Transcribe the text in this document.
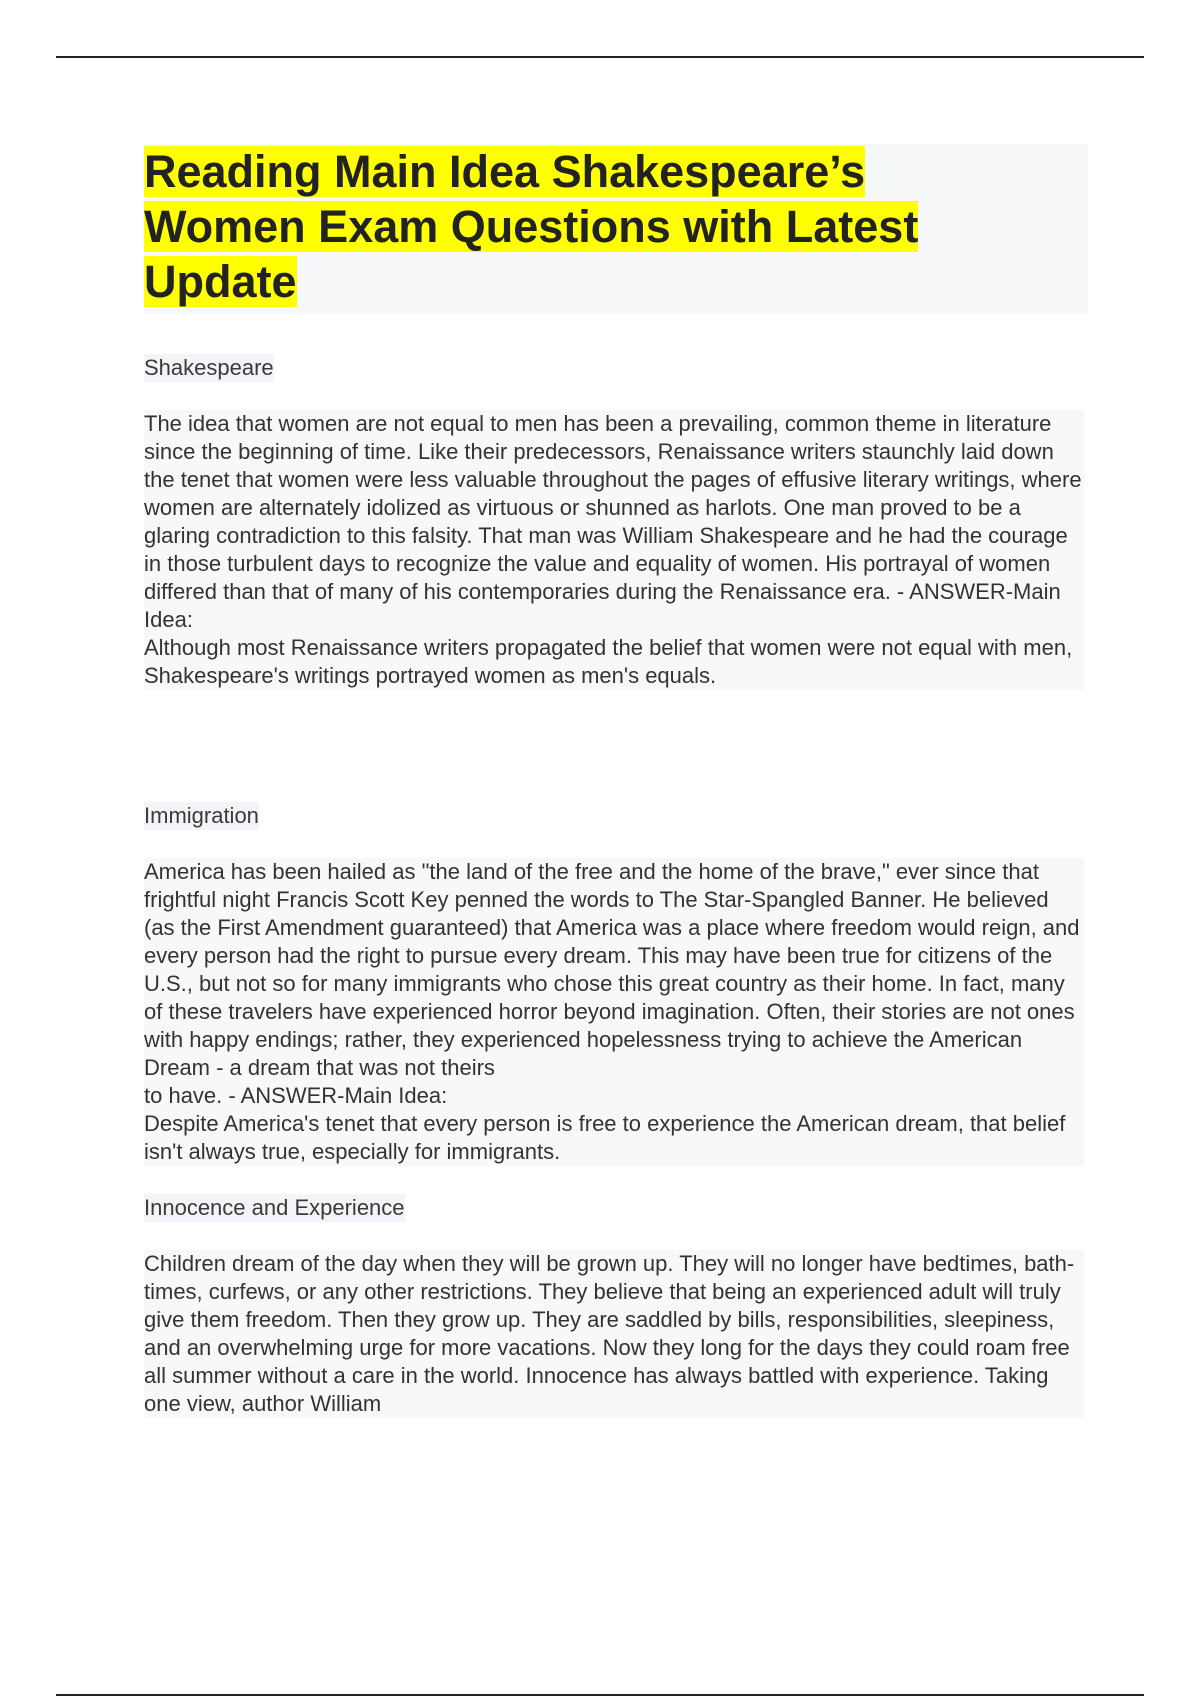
Reading Main Idea Shakespeare’s Women Exam Questions with Latest Update

Shakespeare

The idea that women are not equal to men has been a prevailing, common theme in literature since the beginning of time. Like their predecessors, Renaissance writers staunchly laid down the tenet that women were less valuable throughout the pages of effusive literary writings, where women are alternately idolized as virtuous or shunned as harlots. One man proved to be a glaring contradiction to this falsity. That man was William Shakespeare and he had the courage in those turbulent days to recognize the value and equality of women. His portrayal of women differed than that of many of his contemporaries during the Renaissance era. - ANSWER-Main Idea:
Although most Renaissance writers propagated the belief that women were not equal with men, Shakespeare's writings portrayed women as men's equals.

Immigration

America has been hailed as "the land of the free and the home of the brave," ever since that frightful night Francis Scott Key penned the words to The Star-Spangled Banner. He believed (as the First Amendment guaranteed) that America was a place where freedom would reign, and every person had the right to pursue every dream. This may have been true for citizens of the U.S., but not so for many immigrants who chose this great country as their home. In fact, many of these travelers have experienced horror beyond imagination. Often, their stories are not ones with happy endings; rather, they experienced hopelessness trying to achieve the American Dream - a dream that was not theirs
to have. - ANSWER-Main Idea:
Despite America's tenet that every person is free to experience the American dream, that belief
isn't always true, especially for immigrants.

Innocence and Experience

Children dream of the day when they will be grown up. They will no longer have bedtimes, bath-times, curfews, or any other restrictions. They believe that being an experienced adult will truly give them freedom. Then they grow up. They are saddled by bills, responsibilities, sleepiness, and an overwhelming urge for more vacations. Now they long for the days they could roam free all summer without a care in the world. Innocence has always battled with experience. Taking one view, author William
